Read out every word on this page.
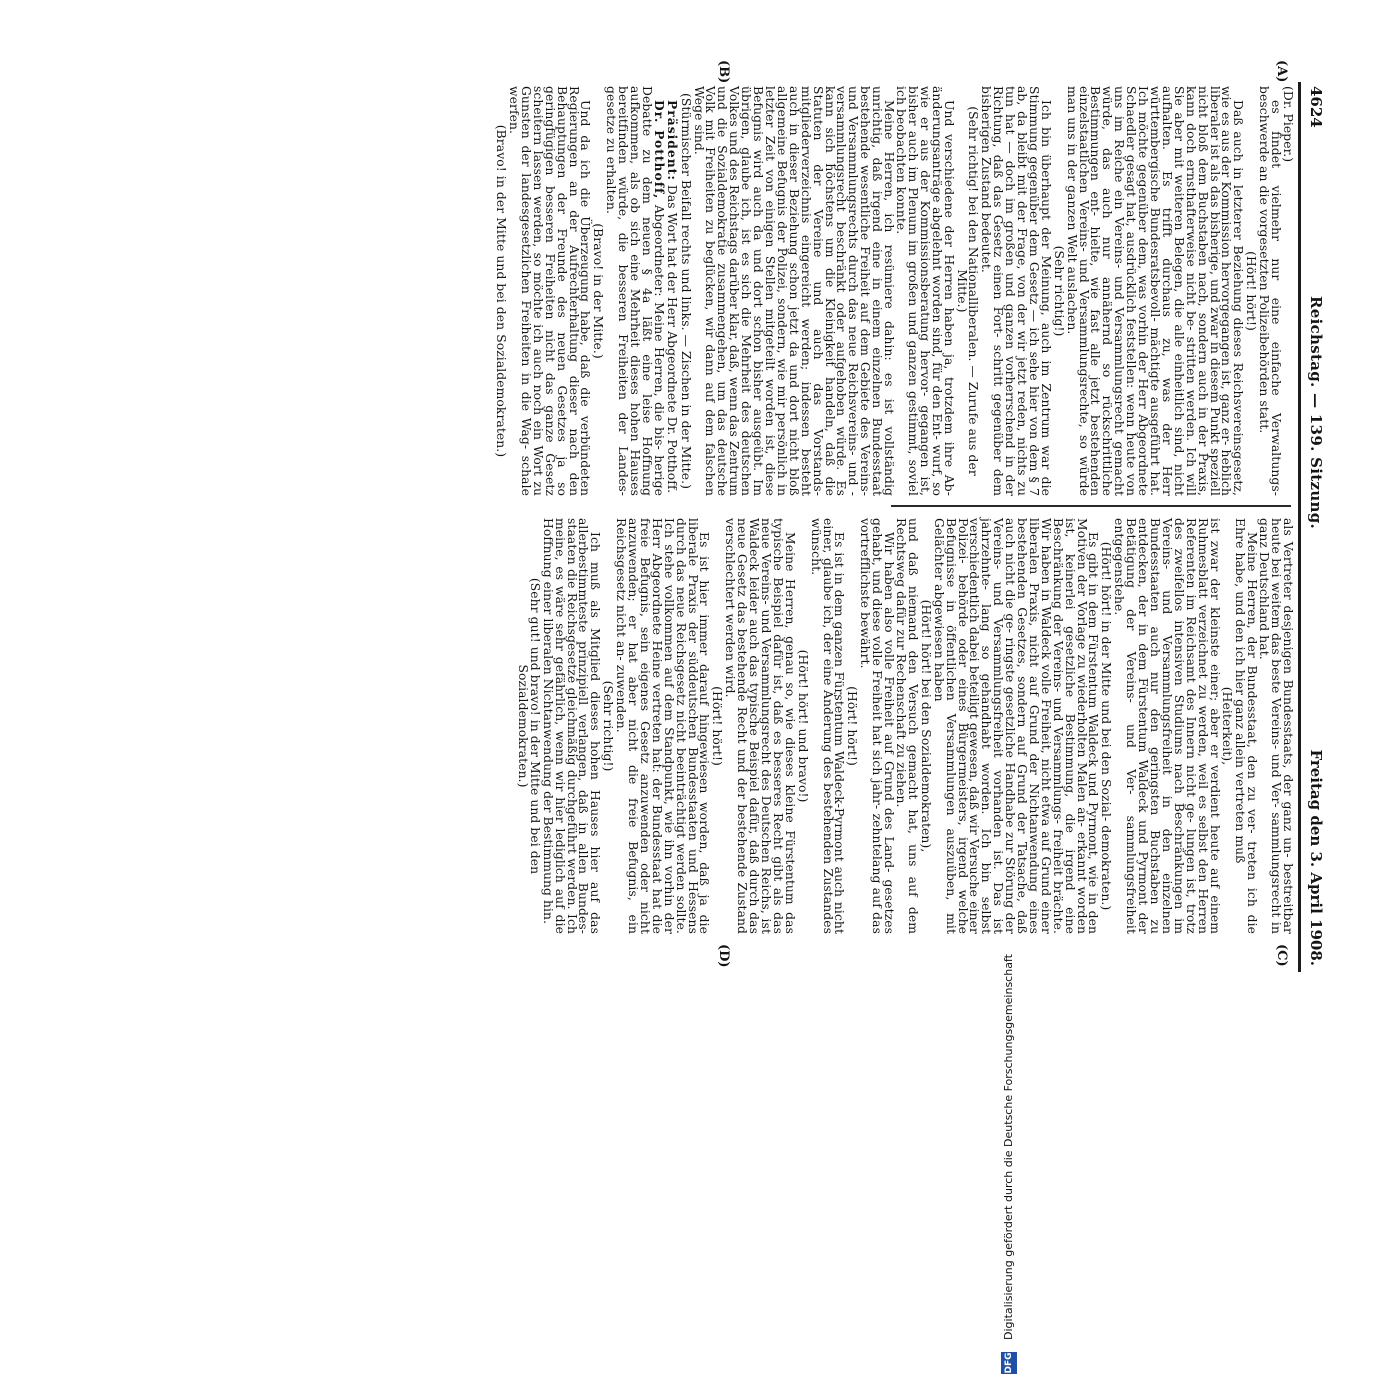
4624
Reichstag. — 139. Sitzung.
Freitag den 3. April 1908.
(A)
(B)
(C)
(D)

(Dr. Pieper.)

es findet vielmehr nur eine einfache Verwaltungs- beschwerde an die vorgesetzten Polizeibehörden statt.

(Hört! hört!)

Daß auch in letzterer Beziehung dieses Reichsvereinsgesetz, wie es aus der Kommission hervorgegangen ist, ganz er- heblich liberaler ist als das bisherige, und zwar in diesem Punkt speziell nicht bloß dem Buchstaben nach, sondern auch in der Praxis, kann doch ernsthafterweise nicht be- stritten werden. Ich will Sie aber mit weiteren Belegen, die alle einheitlich sind, nicht aufhalten. Es trifft durchaus zu, was der Herr württembergische Bundesratsbevoll- mächtigte ausgeführt hat. Ich möchte gegenüber dem, was vorhin der Herr Abgeordnete Schaedler gesagt hat, ausdrücklich feststellen: wenn heute von uns im Reiche ein Vereins- und Versammlungsrecht gemacht würde, das auch nur annähernd so rückschrittliche Bestimmungen ent- hielte, wie fast alle jetzt bestehenden einzelstaatlichen Vereins- und Versammlungsrechte, so würde man uns in der ganzen Welt auslachen.

(Sehr richtig!)

Ich bin überhaupt der Meinung, auch im Zentrum war die Stimmung gegenüber dem Gesetz — ich sehe hier von dem § 7 ab, da bleibt mit der Frage, von der wir jetzt reden, nichts zu tun hat — doch im großen und ganzen vorherrschend in der Richtung, daß das Gesetz einen Fort- schritt gegenüber dem bisherigen Zustand bedeutet.

(Sehr richtig! bei den Nationalliberalen. — Zurufe aus der Mitte.)

Und verschiedene der Herren haben ja, trotzdem ihre Ab- änderungsanträge abgelehnt worden sind, für den Ent- wurf, so wie er aus der Kommissionsberatung hervor- gegangen ist, bisher auch im Plenum im großen und ganzen gestimmt, soviel ich beobachten konnte.

Meine Herren, ich resümiere dahin: es ist vollständig unrichtig, daß irgend eine in einem einzelnen Bundesstaat bestehende wesentliche Freiheit auf dem Gebiete des Vereins- und Versammlungsrechts durch das neue Reichsvereins- und -versammlungsrecht beschränkt oder aufgehoben würde. Es kann sich höchstens um die Kleinigkeit handeln, daß die Statuten der Vereine und auch das Vorstands- mitgliederverzeichnis eingereicht werden; indessen besteht auch in dieser Beziehung schon jetzt da und dort nicht bloß allgemeine Befugnis der Polizei, sondern, wie mir persönlich in letzter Zeit von einigen Stellen mitgeteilt worden ist, diese Befugnis wird auch da und dort schon bisher ausgeübt. Im übrigen, glaube ich, ist es sich die Mehrheit des deutschen Volkes und des Reichstags darüber klar, daß, wenn das Zentrum und die Sozialdemokratie zusammengehen, um das deutsche Volk mit Freiheiten zu beglücken, wir dann auf dem falschen Wege sind.

(Stürmischer Beifall rechts und links. — Zischen in der Mitte.)

Präsident: Das Wort hat der Herr Abgeordnete Dr. Potthoff.

Dr. Potthoff, Abgeordneter: Meine Herren, die bis- herige Debatte zu dem neuen § 4a läßt eine leise Hoffnung aufkommen, als ob sich eine Mehrheit dieses hohen Hauses bereitfinden würde, die besseren Freiheiten der Landes- gesetze zu erhalten.

(Bravo! in der Mitte.)

Und da ich die Überzeugung habe, daß die verbündeten Regierungen an der Aufrechterhaltung dieser nach den Behauptungen der Freunde des neuen Gesetzes ja so geringfügigen besseren Freiheiten nicht das ganze Gesetz scheitern lassen werden, so möchte ich auch noch ein Wort zu Gunsten der landesgesetzlichen Freiheiten in die Wag- schale werfen.

(Bravo! in der Mitte und bei den Sozialdemokraten.)

als Vertreter desjenigen Bundesstaats, der ganz un- bestreitbar heute bei weitem das beste Vereins- und Ver- sammlungsrecht in ganz Deutschland hat.

Meine Herren, der Bundesstaat, den zu ver- treten ich die Ehre habe, und den ich hier ganz allein vertreten muß

(Heiterkeit),

ist zwar der kleinste einer; aber er verdient heute auf einem Ruhmesblatt verzeichnet zu werden, weil es selbst den Herren Referenten im Reichsamt des Innern nicht ge- lungen ist, trotz des zweifellos intensiven Studiums nach Beschränkungen im Vereins- und Versammlungsfreiheit in den einzelnen Bundesstaaten auch nur den geringsten Buchstaben zu entdecken, der in dem Fürstentum Waldeck und Pyrmont der Betätigung der Vereins- und Ver- sammlungsfreiheit entgegenstehe.

(Hört! hört! in der Mitte und bei den Sozial- demokraten.)

Es gibt in dem Fürstentum Waldeck und Pyrmont, wie in den Motiven der Vorlage zu wiederholten Malen an- erkannt worden ist, keinerlei gesetzliche Bestimmung, die irgend eine Beschränkung der Vereins- und Versammlungs- freiheit brächte. Wir haben in Waldeck volle Freiheit, nicht etwa auf Grund einer liberalen Praxis, nicht auf Grund der Nichtanwendung eines bestehenden Gesetzes, sondern auf Grund der Tatsache, daß auch nicht die ge- ringste gesetzliche Handhabe zur Störung der Vereins- und Versammlungsfreiheit vorhanden ist. Das ist jahrzehnte- lang so gehandhabt worden. Ich bin selbst verschiedentlich dabei beteiligt gewesen, daß wir Versuche einer Polizei- behörde oder eines Bürgermeisters, irgend welche Befugnisse in öffentlichen Versammlungen auszuüben, mit Gelächter abgewiesen haben

(Hört! hört! bei den Sozialdemokraten),

und daß niemand den Versuch gemacht hat, uns auf dem Rechtsweg dafür zur Rechenschaft zu ziehen.

Wir haben also volle Freiheit auf Grund des Land- gesetzes gehabt, und diese volle Freiheit hat sich jahr- zehntelang auf das vortrefflichste bewährt.

(Hört! hört!)

Es ist in dem ganzen Fürstentum Waldeck-Pyrmont auch nicht einer, glaube ich, der eine Änderung des bestehenden Zustandes wünscht.

(Hört! hört! und bravo!)

Meine Herren, genau so, wie dieses kleine Fürstentum das typische Beispiel dafür ist, daß es besseres Recht gibt als das neue Vereins- und Versammlungsrecht des Deutschen Reichs, ist Waldeck leider auch das typische Beispiel dafür, daß durch das neue Gesetz das bestehende Recht und der bestehende Zustand verschlechtert werden wird.

(Hört! hört!)

Es ist hier immer darauf hingewiesen worden, daß ja die liberale Praxis der süddeutschen Bundesstaaten und Hessens durch das neue Reichsgesetz nicht beeinträchtigt werden sollte. Ich stehe vollkommen auf dem Standpunkt, wie ihn vorhin der Herr Abgeordnete Heine vertreten hat: der Bundesstaat hat die freie Befugnis, sein eigenes Gesetz anzuwenden oder nicht anzuwenden; er hat aber nicht die freie Befugnis, ein Reichsgesetz nicht an- zuwenden.

(Sehr richtig!)

Ich muß als Mitglied dieses hohen Hauses hier auf das allerbestimmteste prinzipiell verlangen, daß in allen Bundes- staaten die Reichsgesetze gleichmäßig durchgeführt werden. Ich meine, es wäre sehr gefährlich, wenn wir hier lediglich auf die Hoffnung einer liberalen Nichtanwendung der Bestimmung hin.

(Sehr gut! und bravo! in der Mitte und bei den Sozialdemokraten.)

DFG
Digitalisierung gefördert durch die Deutsche Forschungsgemeinschaft
